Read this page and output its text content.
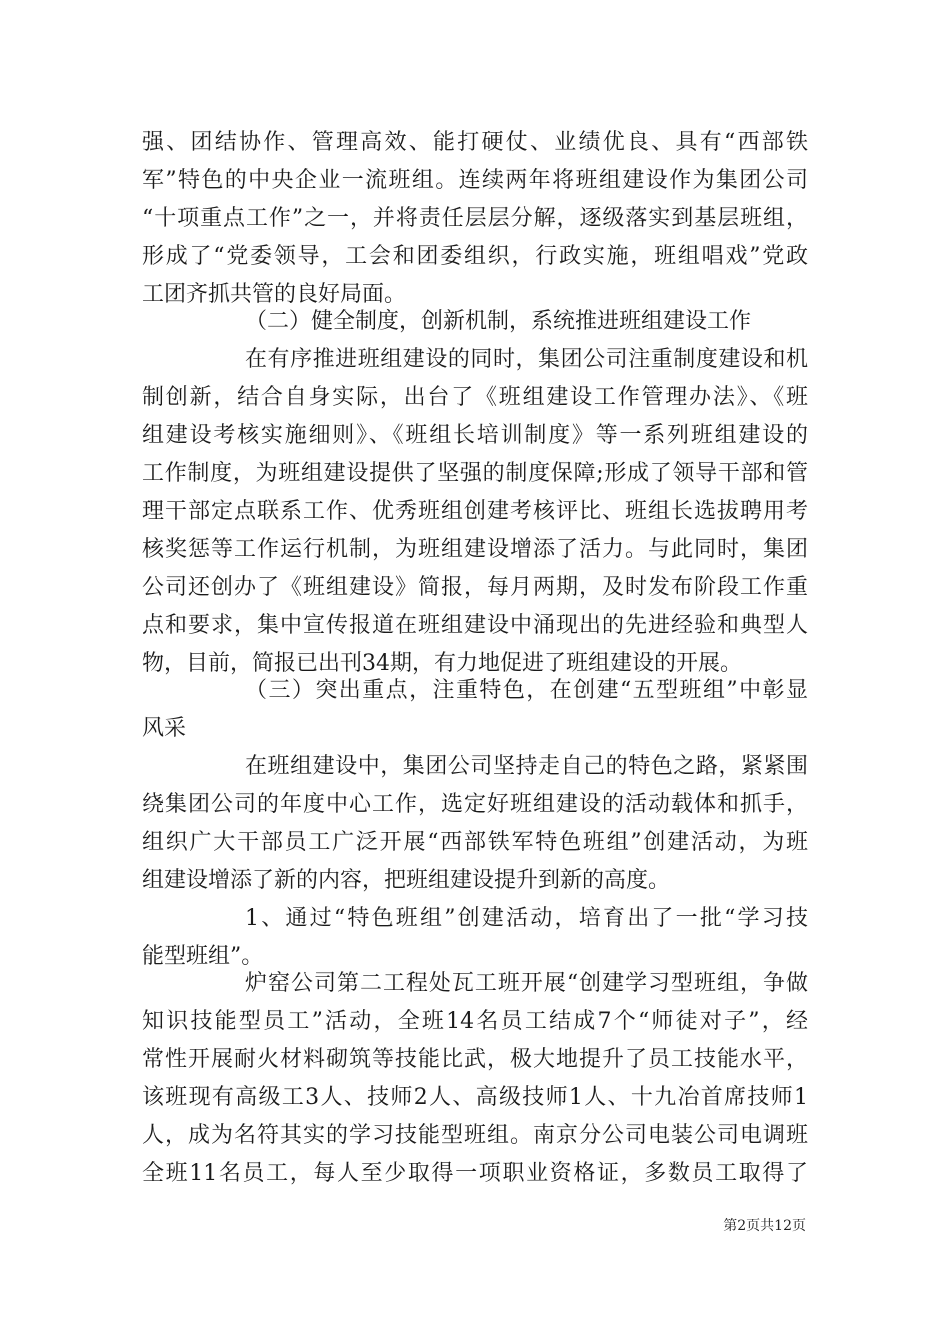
强、团结协作、管理高效、能打硬仗、业绩优良、具有“西部铁
军”特色的中央企业一流班组。连续两年将班组建设作为集团公司
“十项重点工作”之一，并将责任层层分解，逐级落实到基层班组，
形成了“党委领导，工会和团委组织，行政实施，班组唱戏”党政
工团齐抓共管的良好局面。
（二）健全制度，创新机制，系统推进班组建设工作
在有序推进班组建设的同时，集团公司注重制度建设和机
制创新，结合自身实际，出台了《班组建设工作管理办法》、《班
组建设考核实施细则》、《班组长培训制度》等一系列班组建设的
工作制度，为班组建设提供了坚强的制度保障;形成了领导干部和管
理干部定点联系工作、优秀班组创建考核评比、班组长选拔聘用考
核奖惩等工作运行机制，为班组建设增添了活力。与此同时，集团
公司还创办了《班组建设》简报，每月两期，及时发布阶段工作重
点和要求，集中宣传报道在班组建设中涌现出的先进经验和典型人
物，目前，简报已出刊34期，有力地促进了班组建设的开展。
（三）突出重点，注重特色，在创建“五型班组”中彰显
风采
在班组建设中，集团公司坚持走自己的特色之路，紧紧围
绕集团公司的年度中心工作，选定好班组建设的活动载体和抓手，
组织广大干部员工广泛开展“西部铁军特色班组”创建活动，为班
组建设增添了新的内容，把班组建设提升到新的高度。
1、通过“特色班组”创建活动，培育出了一批“学习技
能型班组”。
炉窑公司第二工程处瓦工班开展“创建学习型班组，争做
知识技能型员工”活动，全班14名员工结成7个“师徒对子”，经
常性开展耐火材料砌筑等技能比武，极大地提升了员工技能水平，
该班现有高级工3人、技师2人、高级技师1人、十九冶首席技师1
人，成为名符其实的学习技能型班组。南京分公司电装公司电调班
全班11名员工，每人至少取得一项职业资格证，多数员工取得了
第2页共12页
